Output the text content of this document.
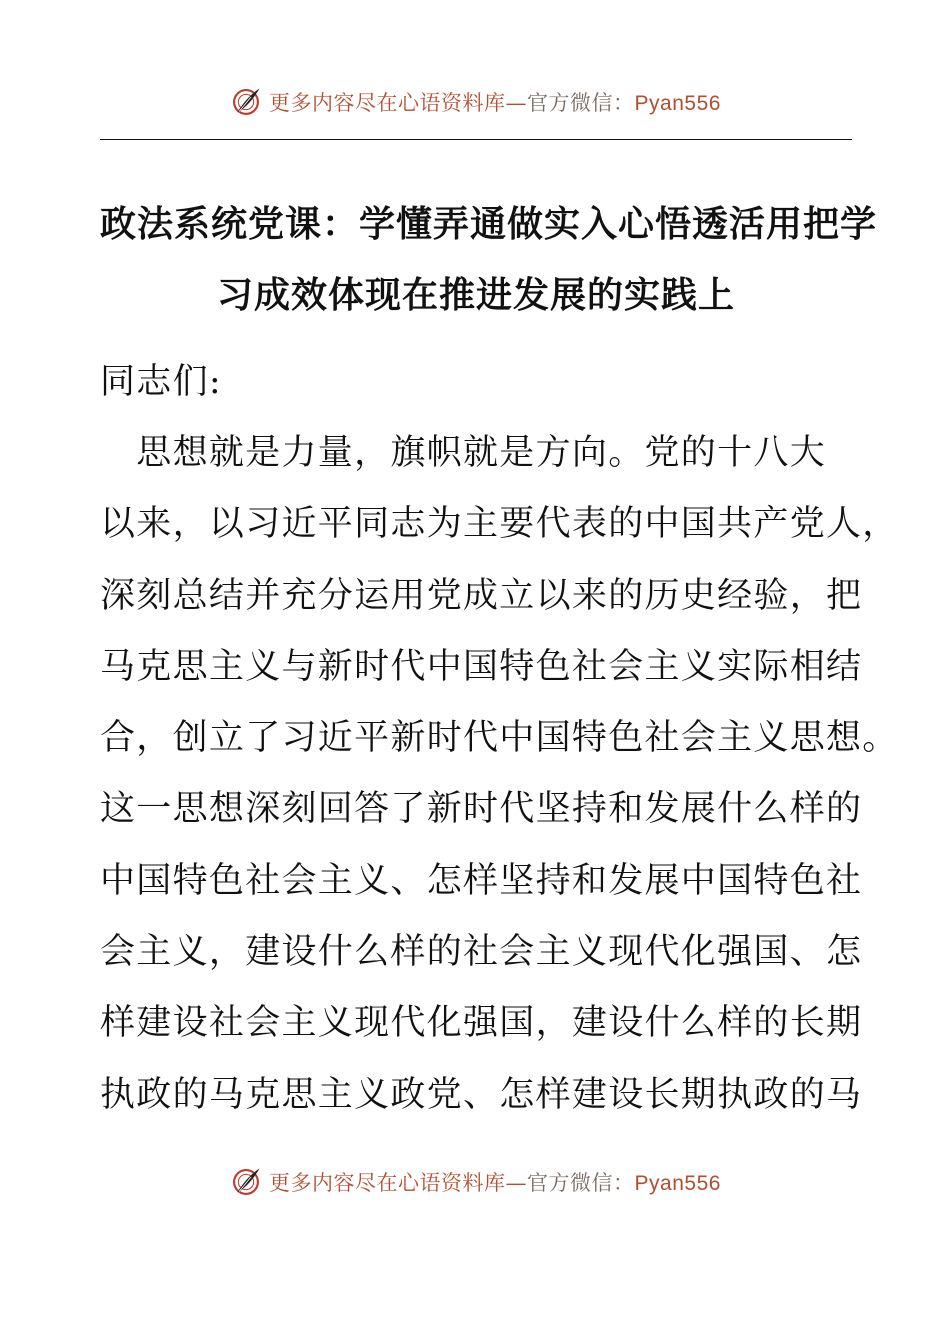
更多内容尽在心语资料库—官方微信：Pyan556
政法系统党课：学懂弄通做实入心悟透活用把学
习成效体现在推进发展的实践上
同志们:
　思想就是力量，旗帜就是方向。党的十八大
以来，以习近平同志为主要代表的中国共产党人，
深刻总结并充分运用党成立以来的历史经验，把
马克思主义与新时代中国特色社会主义实际相结
合，创立了习近平新时代中国特色社会主义思想。
这一思想深刻回答了新时代坚持和发展什么样的
中国特色社会主义、怎样坚持和发展中国特色社
会主义，建设什么样的社会主义现代化强国、怎
样建设社会主义现代化强国，建设什么样的长期
执政的马克思主义政党、怎样建设长期执政的马
更多内容尽在心语资料库—官方微信：Pyan556
